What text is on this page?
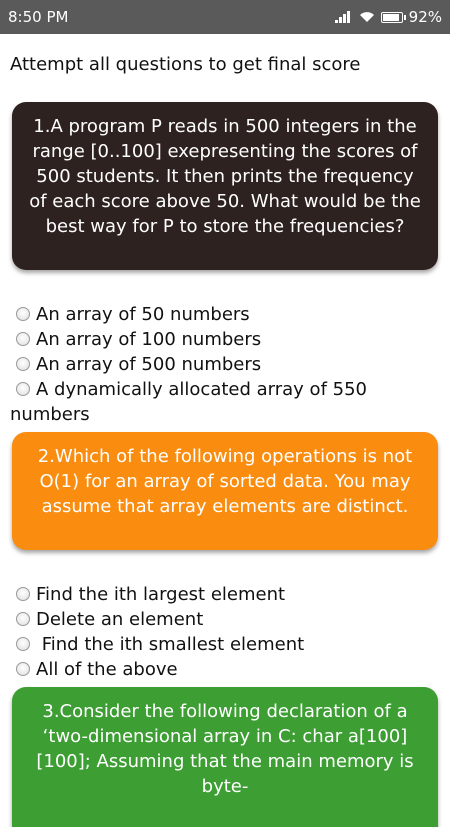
8:50 PM	92%
Attempt all questions to get final score
1.A program P reads in 500 integers in the range [0..100] exepresenting the scores of 500 students. It then prints the frequency of each score above 50. What would be the best way for P to store the frequencies?
An array of 50 numbers
An array of 100 numbers
An array of 500 numbers
A dynamically allocated array of 550 numbers
2.Which of the following operations is not O(1) for an array of sorted data. You may assume that array elements are distinct.
Find the ith largest element
Delete an element
Find the ith smallest element
All of the above
3.Consider the following declaration of a ‘two-dimensional array in C: char a[100][100]; Assuming that the main memory is byte-
